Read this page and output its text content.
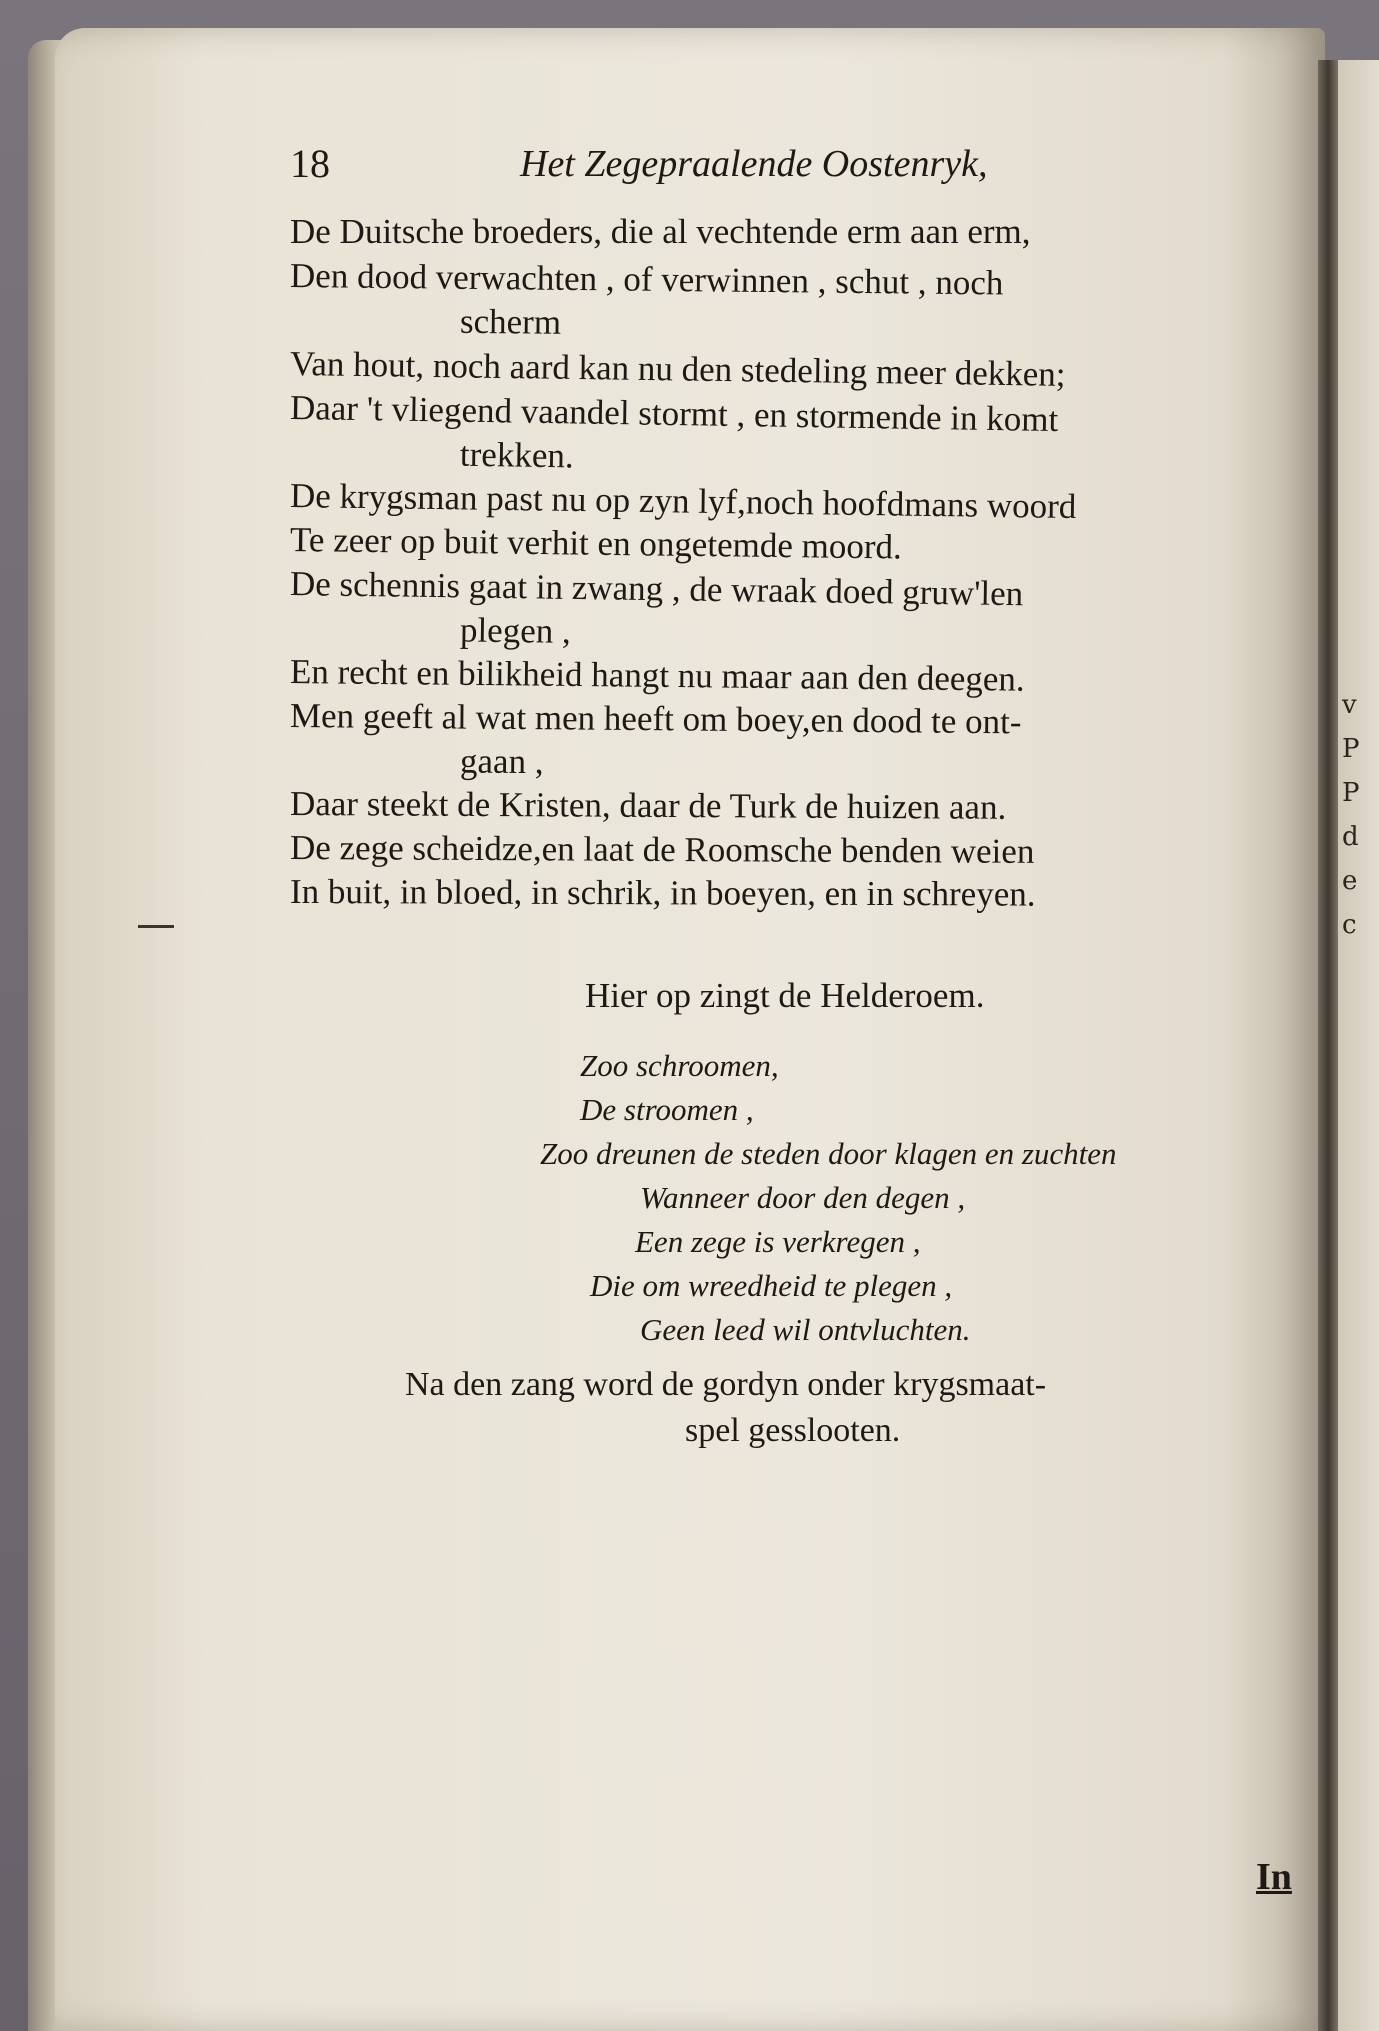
v
P
P
d
e
c
18	Het Zegepraalende Oostenryk,
De Duitsche broeders, die al vechtende erm aan erm,
Den dood verwachten , of verwinnen , schut , noch
scherm
Van hout, noch aard kan nu den stedeling meer dekken;
Daar 't vliegend vaandel stormt , en stormende in komt
trekken.
De krygsman past nu op zyn lyf,noch hoofdmans woord
Te zeer op buit verhit en ongetemde moord.
De schennis gaat in zwang , de wraak doed gruw'len
plegen ,
En recht en bilikheid hangt nu maar aan den deegen.
Men geeft al wat men heeft om boey,en dood te ont-
gaan ,
Daar steekt de Kristen, daar de Turk de huizen aan.
De zege scheidze,en laat de Roomsche benden weien
In buit, in bloed, in schrik, in boeyen, en in schreyen.
Hier op zingt de Helderoem.
Zoo schroomen,
De stroomen ,
Zoo dreunen de steden door klagen en zuchten
Wanneer door den degen ,
Een zege is verkregen ,
Die om wreedheid te plegen ,
Geen leed wil ontvluchten.
Na den zang word de gordyn onder krygsmaat-
spel gesslooten.
In
